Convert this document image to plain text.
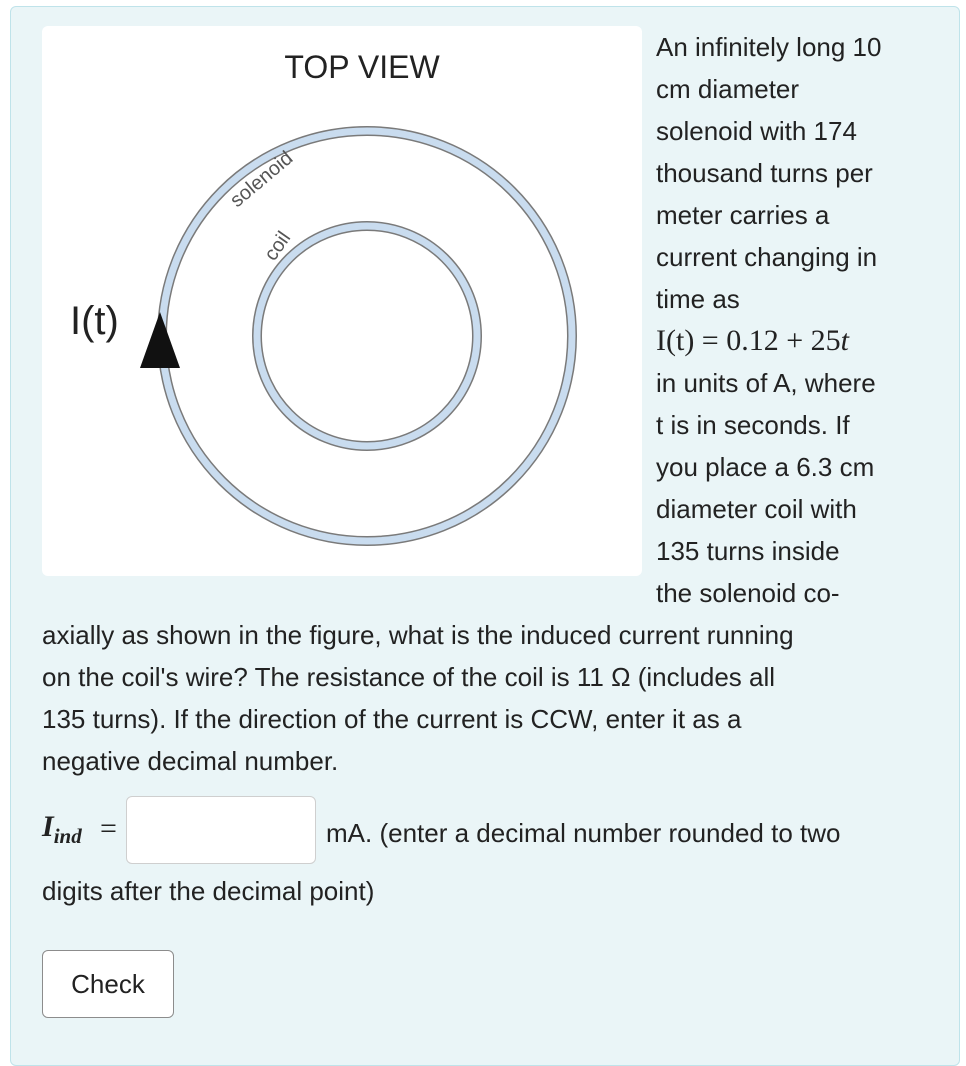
TOP VIEW
solenoid
coil
I(t)
An infinitely long 10
cm diameter
solenoid with 174
thousand turns per
meter carries a
current changing in
time as
I(t) = 0.12 + 25t
in units of A, where
t is in seconds. If
you place a 6.3 cm
diameter coil with
135 turns inside
the solenoid co-
axially as shown in the figure, what is the induced current running
on the coil's wire? The resistance of the coil is 11 Ω (includes all
135 turns). If the direction of the current is CCW, enter it as a
negative decimal number.
$I_{ind}$ =	mA. (enter a decimal number rounded to two
digits after the decimal point)
Check
